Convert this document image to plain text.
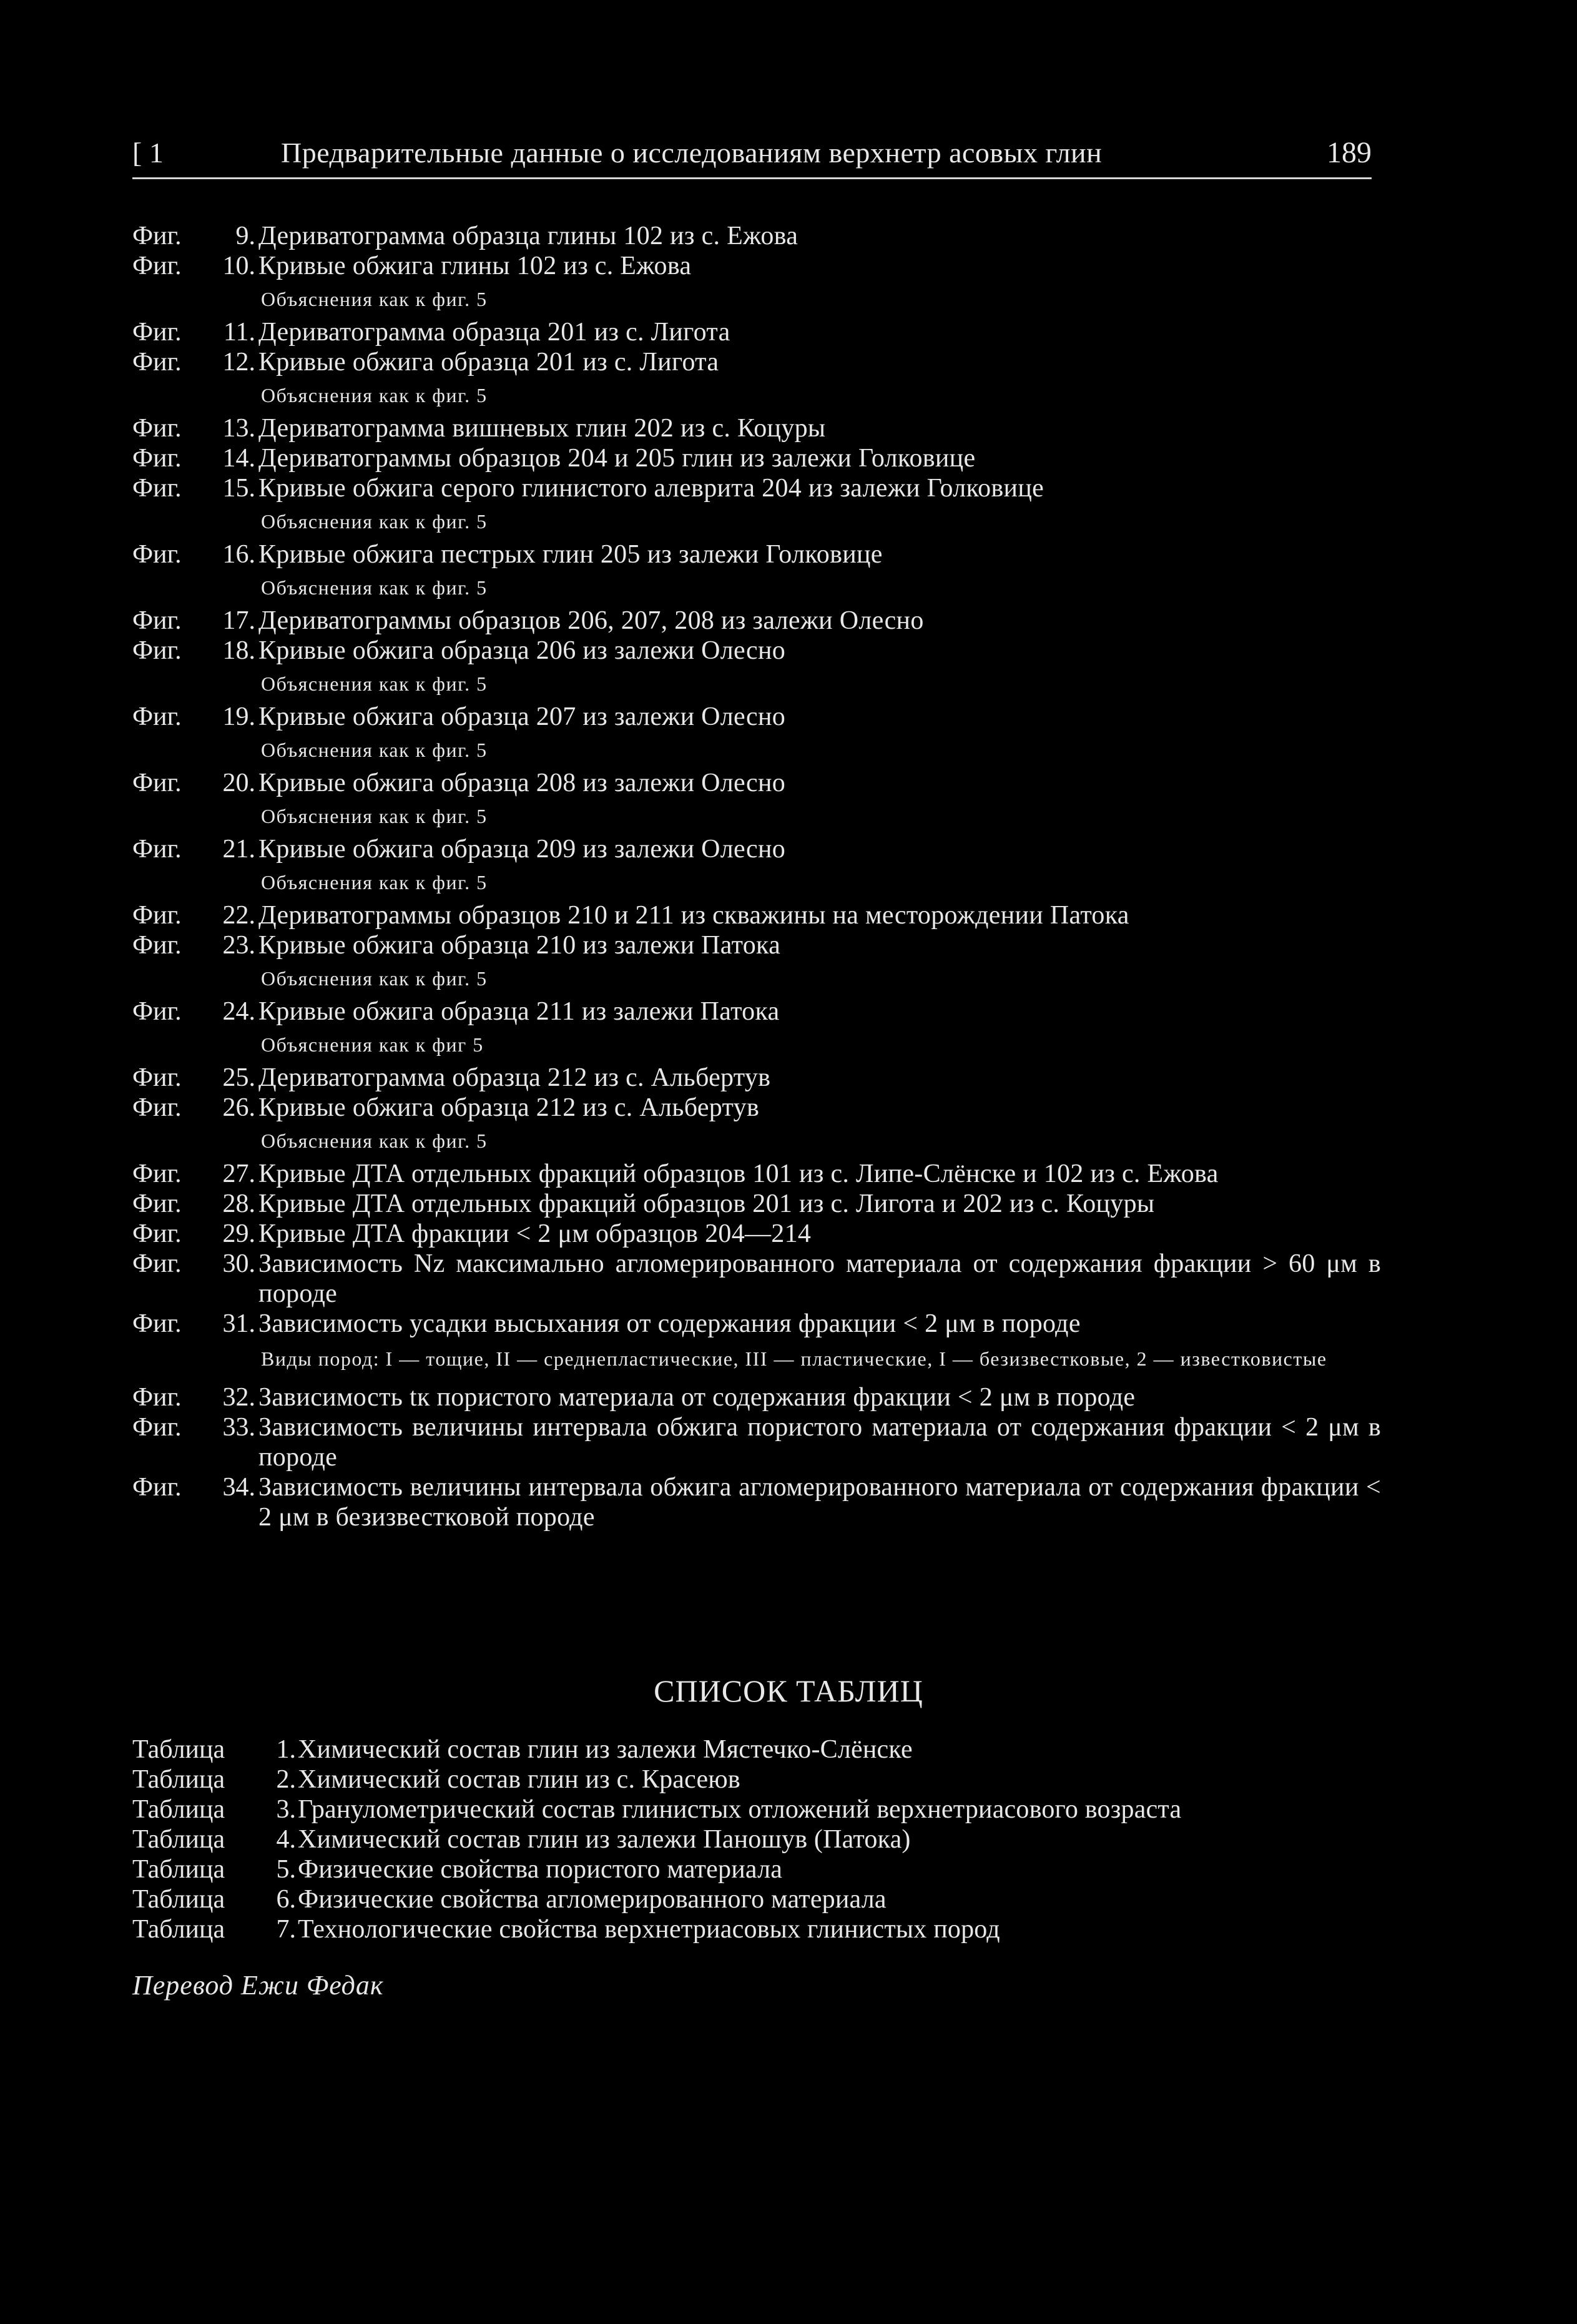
[ 1	Предварительные данные о исследованиям верхнетр асовых глин	189
Фиг.	9. Дериватограмма образца глины 102 из с. Ежова
Фиг.	10. Кривые обжига глины 102 из с. Ежова
Объяснения как к фиг. 5
Фиг.	11. Дериватограмма образца 201 из с. Лигота
Фиг.	12. Кривые обжига образца 201 из с. Лигота
Объяснения как к фиг. 5
Фиг.	13. Дериватограмма вишневых глин 202 из с. Коцуры
Фиг.	14. Дериватограммы образцов 204 и 205 глин из залежи Голковице
Фиг.	15. Кривые обжига серого глинистого алеврита 204 из залежи Голковице
Объяснения как к фиг. 5
Фиг.	16. Кривые обжига пестрых глин 205 из залежи Голковице
Объяснения как к фиг. 5
Фиг.	17. Дериватограммы образцов 206, 207, 208 из залежи Олесно
Фиг.	18. Кривые обжига образца 206 из залежи Олесно
Объяснения как к фиг. 5
Фиг.	19. Кривые обжига образца 207 из залежи Олесно
Объяснения как к фиг. 5
Фиг.	20. Кривые обжига образца 208 из залежи Олесно
Объяснения как к фиг. 5
Фиг.	21. Кривые обжига образца 209 из залежи Олесно
Объяснения как к фиг. 5
Фиг.	22. Дериватограммы образцов 210 и 211 из скважины на месторождении Патока
Фиг.	23. Кривые обжига образца 210 из залежи Патока
Объяснения как к фиг. 5
Фиг.	24. Кривые обжига образца 211 из залежи Патока
Объяснения как к фиг 5
Фиг.	25. Дериватограмма образца 212 из с. Альбертув
Фиг.	26. Кривые обжига образца 212 из с. Альбертув
Объяснения как к фиг. 5
Фиг.	27. Кривые ДТА отдельных фракций образцов 101 из с. Липе-Слёнске и 102 из с. Ежова
Фиг.	28. Кривые ДТА отдельных фракций образцов 201 из с. Лигота и 202 из с. Коцуры
Фиг.	29. Кривые ДТА фракции < 2 μм образцов 204—214
Фиг.	30. Зависимость Nz максимально агломерированного материала от содержания фракции > 60 μм в породе
Фиг.	31. Зависимость усадки высыхания от содержания фракции < 2 μм в породе
Виды пород: I — тощие, II — среднепластические, III — пластические, I — безизвестковые, 2 — известковистые
Фиг.	32. Зависимость tк пористого материала от содержания фракции < 2 μм в породе
Фиг.	33. Зависимость величины интервала обжига пористого материала от содержания фракции < 2 μм в породе
Фиг.	34. Зависимость величины интервала обжига агломерированного материала от содержания фракции < 2 μм в безизвестковой породе
СПИСОК ТАБЛИЦ
Таблица	1. Химический состав глин из залежи Мястечко-Слёнске
Таблица	2. Химический состав глин из с. Красеюв
Таблица	3. Гранулометрический состав глинистых отложений верхнетриасового возраста
Таблица	4. Химический состав глин из залежи Паношув (Патока)
Таблица	5. Физические свойства пористого материала
Таблица	6. Физические свойства агломерированного материала
Таблица	7. Технологические свойства верхнетриасовых глинистых пород
Перевод Ежи Федак
